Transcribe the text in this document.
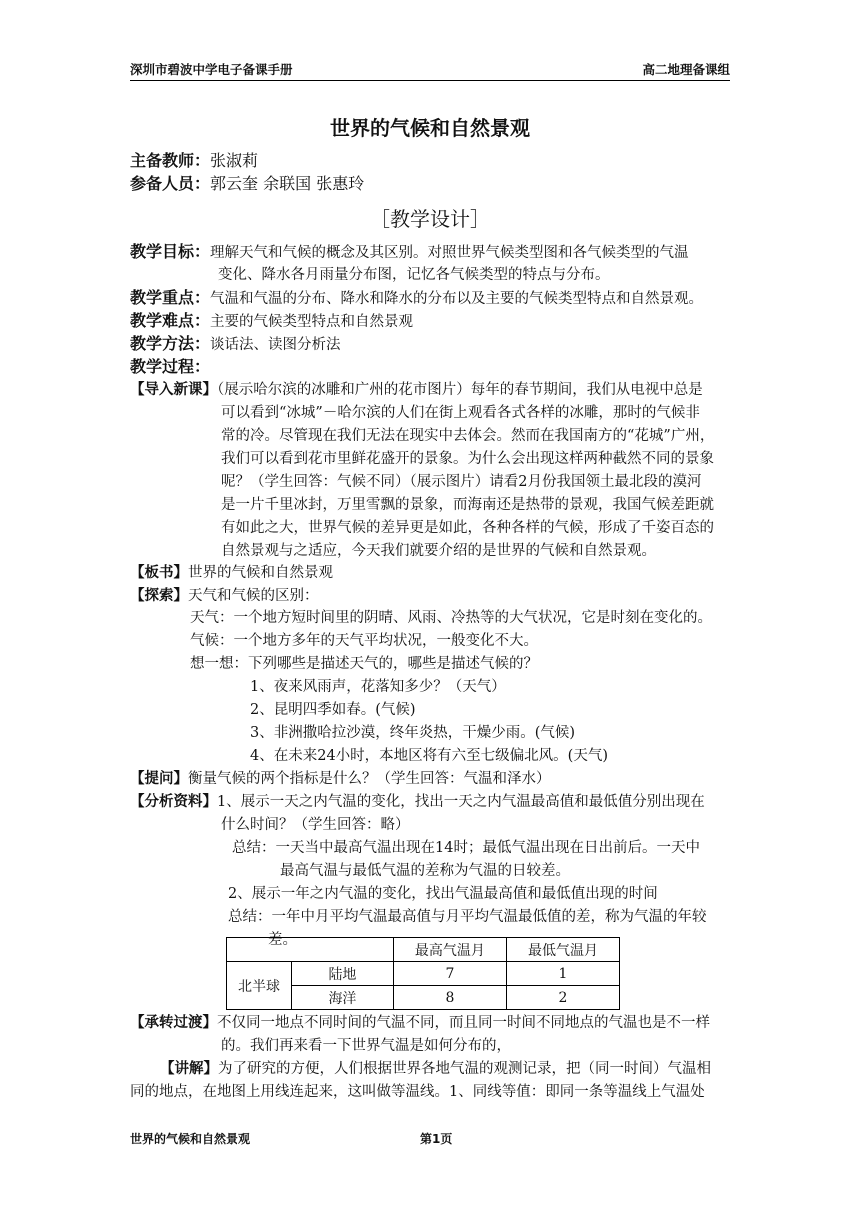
深圳市碧波中学电子备课手册	高二地理备课组
世界的气候和自然景观
主备教师：张淑莉
参备人员：郭云奎 余联国 张惠玲
［教学设计］
教学目标：理解天气和气候的概念及其区别。对照世界气候类型图和各气候类型的气温
变化、降水各月雨量分布图，记忆各气候类型的特点与分布。
教学重点：气温和气温的分布、降水和降水的分布以及主要的气候类型特点和自然景观。
教学难点：主要的气候类型特点和自然景观
教学方法：谈话法、读图分析法
教学过程：
【导入新课】（展示哈尔滨的冰雕和广州的花市图片）每年的春节期间，我们从电视中总是
可以看到“冰城”－哈尔滨的人们在街上观看各式各样的冰雕，那时的气候非
常的冷。尽管现在我们无法在现实中去体会。然而在我国南方的“花城”广州，
我们可以看到花市里鲜花盛开的景象。为什么会出现这样两种截然不同的景象
呢？（学生回答：气候不同）（展示图片）请看2月份我国领土最北段的漠河
是一片千里冰封，万里雪飘的景象，而海南还是热带的景观，我国气候差距就
有如此之大，世界气候的差异更是如此，各种各样的气候，形成了千姿百态的
自然景观与之适应，今天我们就要介绍的是世界的气候和自然景观。
【板书】世界的气候和自然景观
【探索】天气和气候的区别：
天气：一个地方短时间里的阴晴、风雨、冷热等的大气状况，它是时刻在变化的。
气候：一个地方多年的天气平均状况，一般变化不大。
想一想：下列哪些是描述天气的，哪些是描述气候的？
1、夜来风雨声，花落知多少？（天气）
2、昆明四季如春。(气候)
3、非洲撒哈拉沙漠，终年炎热，干燥少雨。(气候)
4、在未来24小时，本地区将有六至七级偏北风。(天气)
【提问】衡量气候的两个指标是什么？（学生回答：气温和泽水）
【分析资料】1、展示一天之内气温的变化，找出一天之内气温最高值和最低值分别出现在
什么时间？（学生回答：略）
总结：一天当中最高气温出现在14时；最低气温出现在日出前后。一天中
最高气温与最低气温的差称为气温的日较差。
2、展示一年之内气温的变化，找出气温最高值和最低值出现的时间
总结：一年中月平均气温最高值与月平均气温最低值的差，称为气温的年较
差。
		最高气温月	最低气温月
北半球	陆地	7	1
	海洋	8	2
【承转过渡】不仅同一地点不同时间的气温不同，而且同一时间不同地点的气温也是不一样
的。我们再来看一下世界气温是如何分布的，
【讲解】为了研究的方便，人们根据世界各地气温的观测记录，把（同一时间）气温相
同的地点，在地图上用线连起来，这叫做等温线。1、同线等值：即同一条等温线上气温处
世界的气候和自然景观	第1页
